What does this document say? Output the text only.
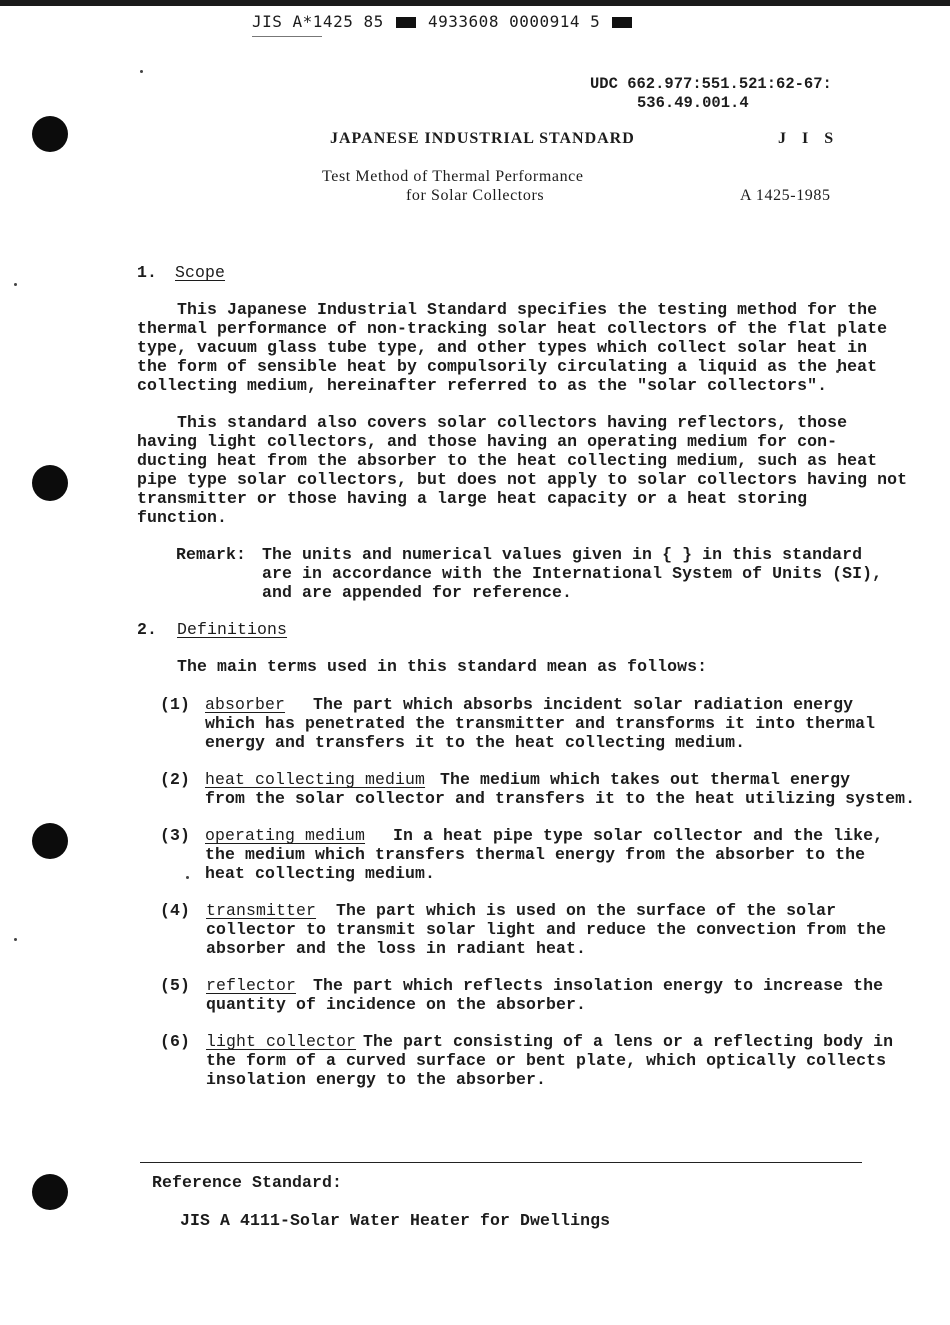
JIS A*1425 85	4933608 0000914 5
UDC 662.977:551.521:62-67:
536.49.001.4
JAPANESE INDUSTRIAL STANDARD	J I S
Test Method of Thermal Performance
for Solar Collectors	A 1425-1985
1. Scope
This Japanese Industrial Standard specifies the testing method for the
thermal performance of non-tracking solar heat collectors of the flat plate
type, vacuum glass tube type, and other types which collect solar heat in
the form of sensible heat by compulsorily circulating a liquid as the heat
collecting medium, hereinafter referred to as the "solar collectors".
This standard also covers solar collectors having reflectors, those
having light collectors, and those having an operating medium for con-
ducting heat from the absorber to the heat collecting medium, such as heat
pipe type solar collectors, but does not apply to solar collectors having not
transmitter or those having a large heat capacity or a heat storing
function.
Remark: The units and numerical values given in { } in this standard
are in accordance with the International System of Units (SI),
and are appended for reference.
2. Definitions
The main terms used in this standard mean as follows:
(1) absorber The part which absorbs incident solar radiation energy
which has penetrated the transmitter and transforms it into thermal
energy and transfers it to the heat collecting medium.
(2) heat collecting medium The medium which takes out thermal energy
from the solar collector and transfers it to the heat utilizing system.
(3) operating medium In a heat pipe type solar collector and the like,
the medium which transfers thermal energy from the absorber to the
heat collecting medium.
(4) transmitter The part which is used on the surface of the solar
collector to transmit solar light and reduce the convection from the
absorber and the loss in radiant heat.
(5) reflector The part which reflects insolation energy to increase the
quantity of incidence on the absorber.
(6) light collector The part consisting of a lens or a reflecting body in
the form of a curved surface or bent plate, which optically collects
insolation energy to the absorber.
Reference Standard:
JIS A 4111-Solar Water Heater for Dwellings
